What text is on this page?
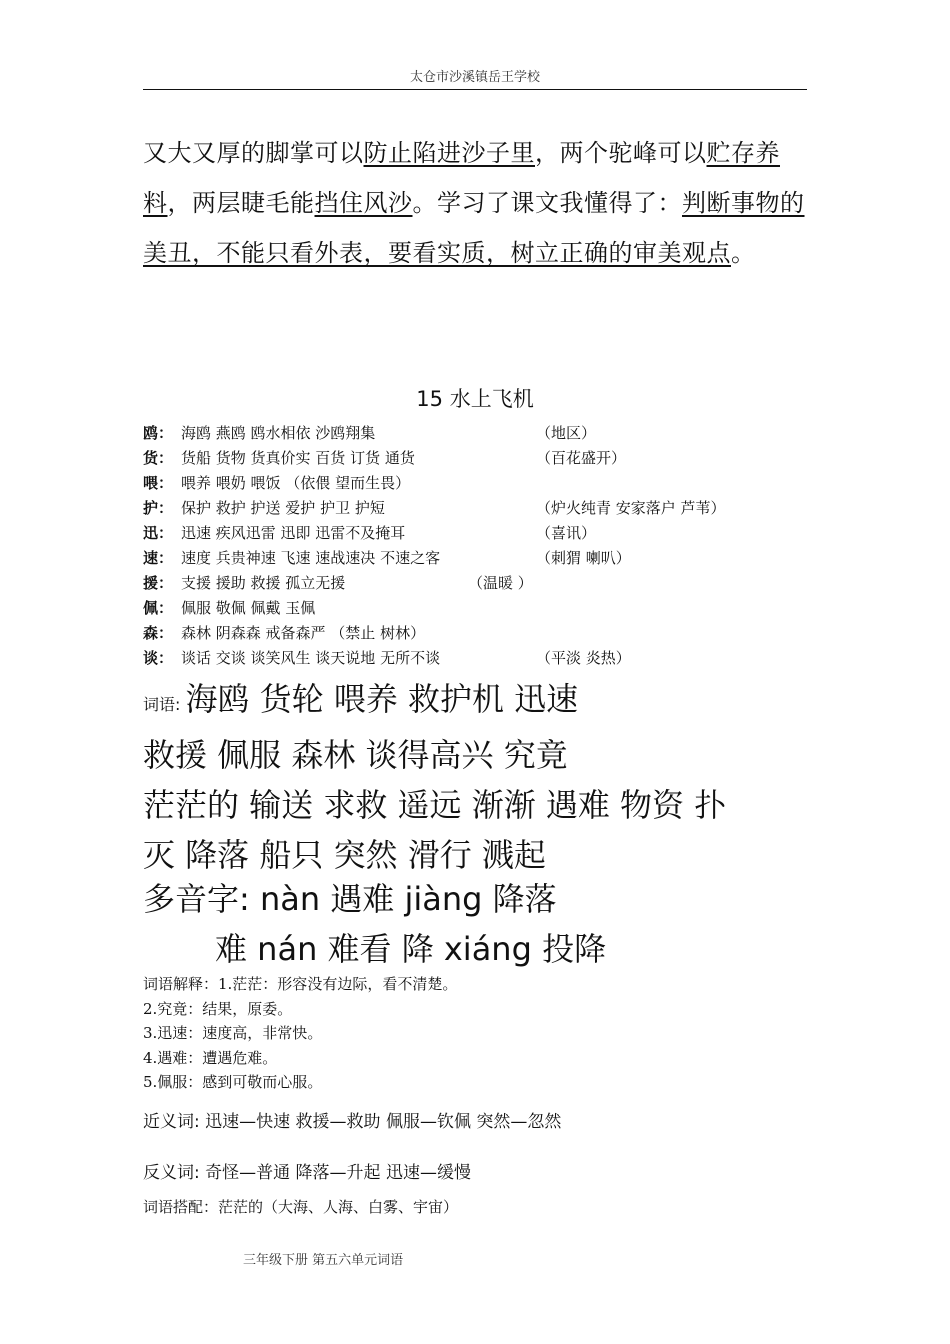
太仓市沙溪镇岳王学校
又大又厚的脚掌可以防止陷进沙子里，两个驼峰可以贮存养料，两层睫毛能挡住风沙。学习了课文我懂得了：判断事物的美丑，不能只看外表，要看实质，树立正确的审美观点。
15 水上飞机
鸥： 海鸥 燕鸥 鸥水相依 沙鸥翔集	（地区）
货： 货船 货物 货真价实 百货 订货 通货	（百花盛开）
喂： 喂养 喂奶 喂饭 （依偎 望而生畏）
护： 保护 救护 护送 爱护 护卫 护短	（炉火纯青 安家落户 芦苇）
迅： 迅速 疾风迅雷 迅即 迅雷不及掩耳	（喜讯）
速： 速度 兵贵神速 飞速 速战速决 不速之客	（刺猬 喇叭）
援： 支援 援助 救援 孤立无援	（温暖 ）
佩： 佩服 敬佩 佩戴 玉佩
森： 森林 阴森森 戒备森严 （禁止 树林）
谈： 谈话 交谈 谈笑风生 谈天说地 无所不谈	（平淡 炎热）
词语: 海鸥 货轮 喂养 救护机 迅速
救援 佩服 森林 谈得高兴 究竟
茫茫的 输送 求救 遥远 渐渐 遇难 物资 扑
灭 降落 船只 突然 滑行 溅起
多音字: nàn 遇难 jiàng 降落
难 nán 难看 降 xiáng 投降
词语解释：1.茫茫：形容没有边际，看不清楚。
2.究竟：结果，原委。
3.迅速：速度高，非常快。
4.遇难：遭遇危难。
5.佩服：感到可敬而心服。
近义词: 迅速—快速 救援—救助 佩服—钦佩 突然—忽然
反义词: 奇怪—普通 降落—升起 迅速—缓慢
词语搭配：茫茫的（大海、人海、白雾、宇宙）
三年级下册 第五六单元词语
